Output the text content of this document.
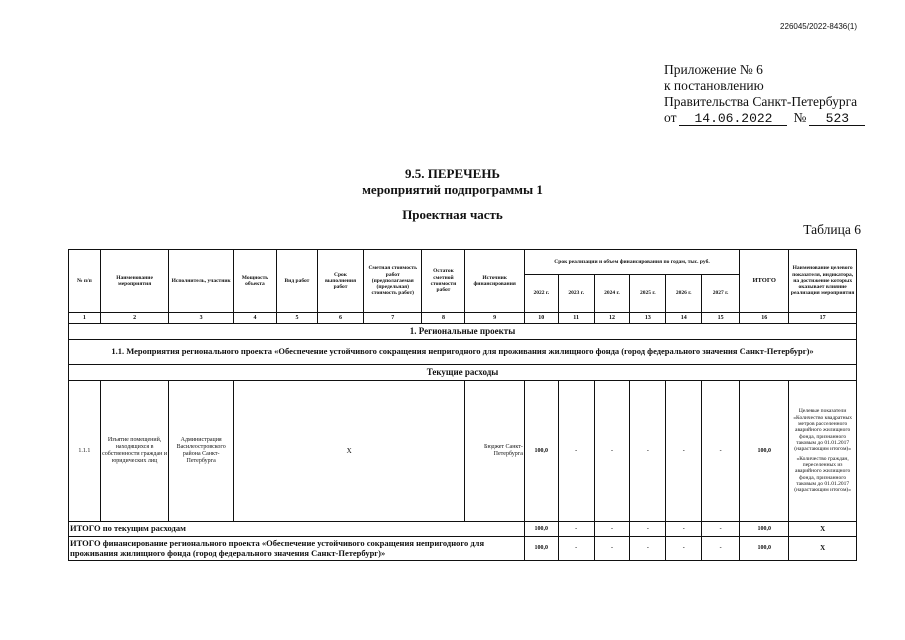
226045/2022-8436(1)
Приложение № 6
к постановлению
Правительства Санкт-Петербурга
от	14.06.2022	№	523
9.5. ПЕРЕЧЕНЬ
мероприятий подпрограммы 1
Проектная часть
Таблица 6
№ п/п	Наименование мероприятия	Исполнитель, участник	Мощность объекта	Вид работ	Срок выполнения работ	Сметная стоимость работ (предполагаемая (предельная) стоимость работ)	Остаток сметной стоимости работ	Источник финансирования	Срок реализации и объем финансирования по годам, тыс. руб.						ИТОГО	Наименование целевого показателя, индикатора, на достижение которых оказывает влияние реализация мероприятия
									2022 г.	2023 г.	2024 г.	2025 г.	2026 г.	2027 г.		
1	2	3	4	5	6	7	8	9	10	11	12	13	14	15	16	17
1. Региональные проекты																
1.1. Мероприятия регионального проекта «Обеспечение устойчивого сокращения непригодного для проживания жилищного фонда (город федерального значения Санкт-Петербург)»																
Текущие расходы																
1.1.1	Изъятие помещений, находящихся в собственности граждан и юридических лиц	Администрация Василеостровского района Санкт-Петербурга	Х					Бюджет Санкт-Петербурга	100,0	-	-	-	-	-	100,0	Целевые показатели «Количество квадратных метров расселенного аварийного жилищного фонда, признанного таковым до 01.01.2017 (нарастающим итогом)»
«Количество граждан, переселенных из аварийного жилищного фонда, признанного таковым до 01.01.2017 (нарастающим итогом)»

ИТОГО по текущим расходам									100,0	-	-	-	-	-	100,0	Х
ИТОГО финансирование регионального проекта «Обеспечение устойчивого сокращения непригодного для проживания жилищного фонда (город федерального значения Санкт-Петербург)»									100,0	-	-	-	-	-	100,0	Х
